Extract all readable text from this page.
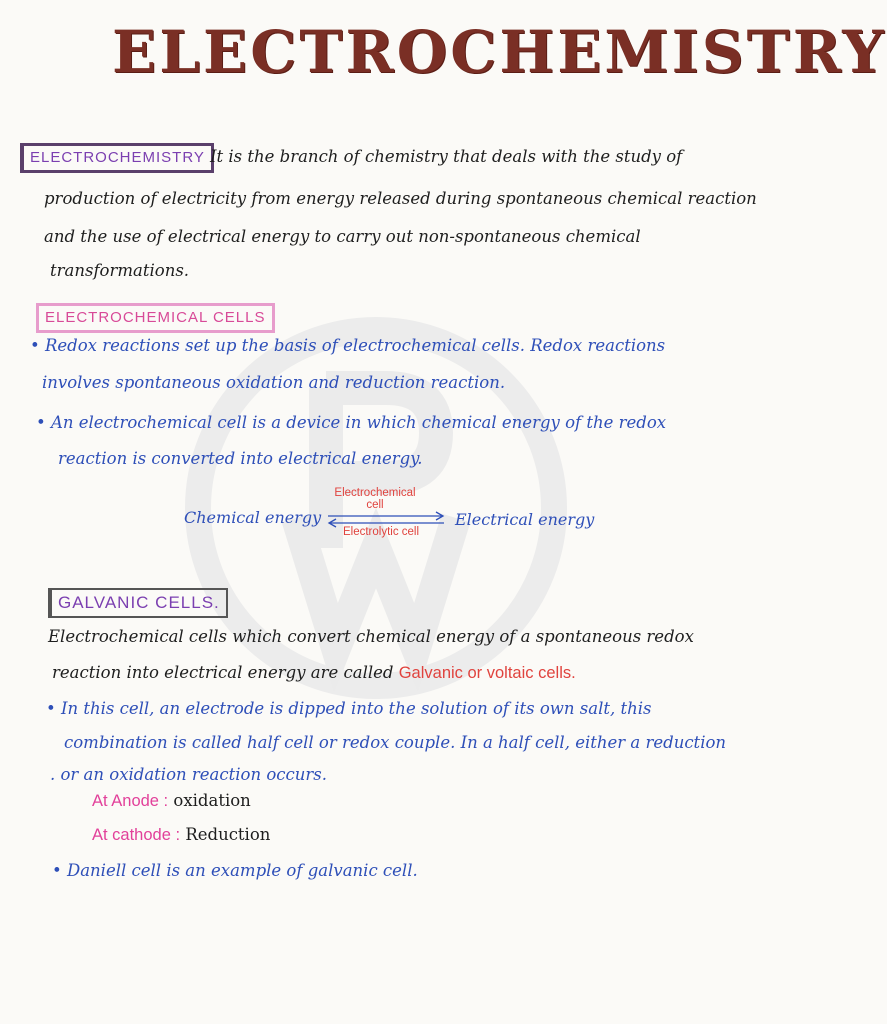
ELECTROCHEMISTRY
ELECTROCHEMISTRY It is the branch of chemistry that deals with the study of
production of electricity from energy released during spontaneous chemical reaction
and the use of electrical energy to carry out non-spontaneous chemical
transformations.
ELECTROCHEMICAL CELLS
• Redox reactions set up the basis of electrochemical cells. Redox reactions
involves spontaneous oxidation and reduction reaction.
• An electrochemical cell is a device in which chemical energy of the redox
reaction is converted into electrical energy.
Chemical energy
Electrochemical
cell
Electrolytic cell
Electrical energy
GALVANIC CELLS.
Electrochemical cells which convert chemical energy of a spontaneous redox
reaction into electrical energy are called Galvanic or voltaic cells.
• In this cell, an electrode is dipped into the solution of its own salt, this
combination is called half cell or redox couple. In a half cell, either a reduction
. or an oxidation reaction occurs.
At Anode : oxidation
At cathode : Reduction
• Daniell cell is an example of galvanic cell.
